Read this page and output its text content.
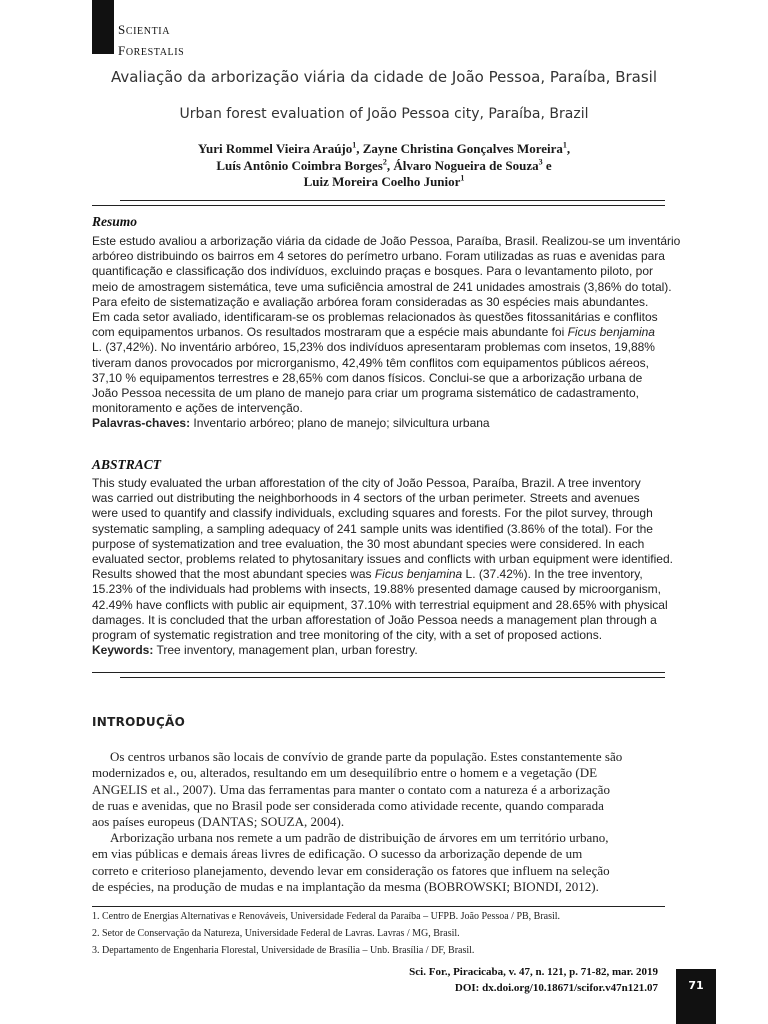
SCIENTIA
FORESTALIS
Avaliação da arborização viária da cidade de João Pessoa, Paraíba, Brasil
Urban forest evaluation of João Pessoa city, Paraíba, Brazil
Yuri Rommel Vieira Araújo$^1$, Zayne Christina Gonçalves Moreira$^1$,
Luís Antônio Coimbra Borges$^2$, Álvaro Nogueira de Souza$^3$ e
Luiz Moreira Coelho Junior$^1$
Resumo
Este estudo avaliou a arborização viária da cidade de João Pessoa, Paraíba, Brasil. Realizou-se um inventário
arbóreo distribuindo os bairros em 4 setores do perímetro urbano. Foram utilizadas as ruas e avenidas para
quantificação e classificação dos indivíduos, excluindo praças e bosques. Para o levantamento piloto, por
meio de amostragem sistemática, teve uma suficiência amostral de 241 unidades amostrais (3,86% do total).
Para efeito de sistematização e avaliação arbórea foram consideradas as 30 espécies mais abundantes.
Em cada setor avaliado, identificaram-se os problemas relacionados às questões fitossanitárias e conflitos
com equipamentos urbanos. Os resultados mostraram que a espécie mais abundante foi Ficus benjamina
L. (37,42%). No inventário arbóreo, 15,23% dos indivíduos apresentaram problemas com insetos, 19,88%
tiveram danos provocados por microrganismo, 42,49% têm conflitos com equipamentos públicos aéreos,
37,10 % equipamentos terrestres e 28,65% com danos físicos. Conclui-se que a arborização urbana de
João Pessoa necessita de um plano de manejo para criar um programa sistemático de cadastramento,
monitoramento e ações de intervenção.
Palavras-chaves: Inventario arbóreo; plano de manejo; silvicultura urbana
ABSTRACT
This study evaluated the urban afforestation of the city of João Pessoa, Paraíba, Brazil. A tree inventory
was carried out distributing the neighborhoods in 4 sectors of the urban perimeter. Streets and avenues
were used to quantify and classify individuals, excluding squares and forests. For the pilot survey, through
systematic sampling, a sampling adequacy of 241 sample units was identified (3.86% of the total). For the
purpose of systematization and tree evaluation, the 30 most abundant species were considered. In each
evaluated sector, problems related to phytosanitary issues and conflicts with urban equipment were identified.
Results showed that the most abundant species was Ficus benjamina L. (37.42%). In the tree inventory,
15.23% of the individuals had problems with insects, 19.88% presented damage caused by microorganism,
42.49% have conflicts with public air equipment, 37.10% with terrestrial equipment and 28.65% with physical
damages. It is concluded that the urban afforestation of João Pessoa needs a management plan through a
program of systematic registration and tree monitoring of the city, with a set of proposed actions.
Keywords: Tree inventory, management plan, urban forestry.
INTRODUÇÃO
Os centros urbanos são locais de convívio de grande parte da população. Estes constantemente são
modernizados e, ou, alterados, resultando em um desequilíbrio entre o homem e a vegetação (DE
ANGELIS et al., 2007). Uma das ferramentas para manter o contato com a natureza é a arborização
de ruas e avenidas, que no Brasil pode ser considerada como atividade recente, quando comparada
aos países europeus (DANTAS; SOUZA, 2004).
Arborização urbana nos remete a um padrão de distribuição de árvores em um território urbano,
em vias públicas e demais áreas livres de edificação. O sucesso da arborização depende de um
correto e criterioso planejamento, devendo levar em consideração os fatores que influem na seleção
de espécies, na produção de mudas e na implantação da mesma (BOBROWSKI; BIONDI, 2012).
1. Centro de Energias Alternativas e Renováveis, Universidade Federal da Paraíba – UFPB. João Pessoa / PB, Brasil.
2. Setor de Conservação da Natureza, Universidade Federal de Lavras. Lavras / MG, Brasil.
3. Departamento de Engenharia Florestal, Universidade de Brasília – Unb. Brasília / DF, Brasil.
Sci. For., Piracicaba, v. 47, n. 121, p. 71-82, mar. 2019
DOI: dx.doi.org/10.18671/scifor.v47n121.07	71
